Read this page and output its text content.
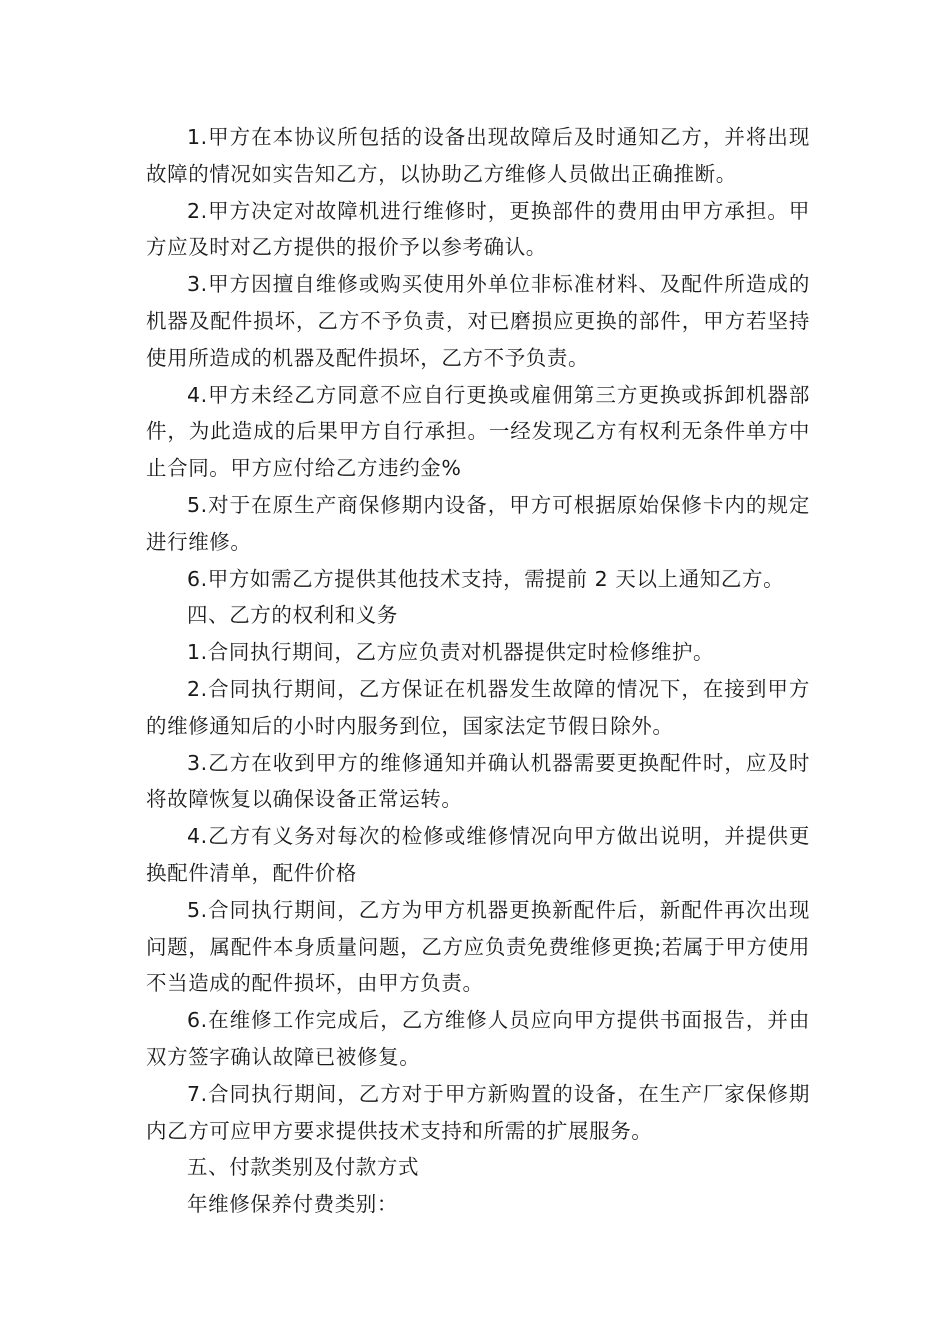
1.甲方在本协议所包括的设备出现故障后及时通知乙方，并将出现故障的情况如实告知乙方，以协助乙方维修人员做出正确推断。

2.甲方决定对故障机进行维修时，更换部件的费用由甲方承担。甲方应及时对乙方提供的报价予以参考确认。

3.甲方因擅自维修或购买使用外单位非标准材料、及配件所造成的机器及配件损坏，乙方不予负责，对已磨损应更换的部件，甲方若坚持使用所造成的机器及配件损坏，乙方不予负责。

4.甲方未经乙方同意不应自行更换或雇佣第三方更换或拆卸机器部件，为此造成的后果甲方自行承担。一经发现乙方有权利无条件单方中止合同。甲方应付给乙方违约金%

5.对于在原生产商保修期内设备，甲方可根据原始保修卡内的规定进行维修。

6.甲方如需乙方提供其他技术支持，需提前 2 天以上通知乙方。

四、乙方的权利和义务

1.合同执行期间，乙方应负责对机器提供定时检修维护。

2.合同执行期间，乙方保证在机器发生故障的情况下，在接到甲方的维修通知后的小时内服务到位，国家法定节假日除外。

3.乙方在收到甲方的维修通知并确认机器需要更换配件时，应及时将故障恢复以确保设备正常运转。

4.乙方有义务对每次的检修或维修情况向甲方做出说明，并提供更换配件清单，配件价格

5.合同执行期间，乙方为甲方机器更换新配件后，新配件再次出现问题，属配件本身质量问题，乙方应负责免费维修更换;若属于甲方使用不当造成的配件损坏，由甲方负责。

6.在维修工作完成后，乙方维修人员应向甲方提供书面报告，并由双方签字确认故障已被修复。

7.合同执行期间，乙方对于甲方新购置的设备，在生产厂家保修期内乙方可应甲方要求提供技术支持和所需的扩展服务。

五、付款类别及付款方式

年维修保养付费类别：
